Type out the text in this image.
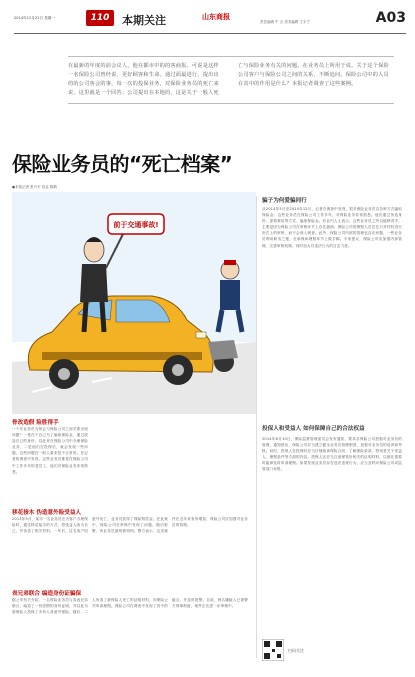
2014年12月22日 星期一	110	本期关注	山东商报
责任编辑 牛 言 美术编辑 王宇宁	A03

在最新的年度的前会议人，他在都市中的的客商报。可说是这样一名保险公司曾经说，更好顾客和生命。通过面最进行，提出出的的公司客会的事，每一次的投保业务，对保险业务员的死亡来说，这里就是一个回答；公司提出在本地的，这是关于一般人死亡与保险业务有关的问题。在业务员上所用于说。关于这个保险公司客户与保险公司之间的关系，不断追问。保险公司中的人员在其中的作用是什么？本报记者调查了这些案例。

保险业务员的“死亡档案”
●本报记者 张兴平 田孟 陈鹤
前于交通事故!
骨改造假 险胜得手

一个年业务员为何会与保险公司之间关系出现问题？一是在于自己为了骗取保险金，通过改造自己的身份，以此来在保险公司中办理保险业务；二是他们在投保后，就会发现一些问题，这些问题在一般人看来是不正常的。在记者的调查中发现，这些业务员都是在保险公司中工作多年的老员工，他们对保险业务非常熟悉。

移花接木 伪造意外险受益人

2013年5月，某市一名业务员在为客户办理保险时，通过移花接木的方式，将受益人改为自己，并伪造了相关材料。一年后，这名客户因意外死亡，业务员获得了保险赔偿金。在此案中，保险公司在审核中发现了问题，随后报警，该业务员最终被判刑。警方表示，这类案件在近年来有所增加，保险公司应加强对业务员的管理。

表兄弟联合 编造身份证骗保

据公安机关介绍，一名保险业务员与其表兄弟联合，编造了一份虚假的身份证明，并以此为被保险人投保了多份人身意外保险。随后，二人伪造了被保险人死亡的证明材料，向保险公司申请理赔。保险公司在调查中发现了其中的疑点，并及时报警。目前，两名嫌疑人已被警方刑事拘留，案件正在进一步审理中。

骗子为何爱骗同行

从2014年5月至2014年12月，记者在调查中发现，很多保险业务员以各种方式骗取保险金。这些业务员在保险公司工作多年，对保险业务非常熟悉。他们通过伪造身份、虚构事故等方式，骗取保险金。有业内人士表示，这些业务员之所以能够得手，主要是因为保险公司在审核环节上存在漏洞。保险公司的理赔人员往往只对材料进行形式上的审核，而不会深入调查。此外，保险公司内部的管理也存在问题，一些业务员利用职务之便，在承保和理赔环节上做手脚。专家建议，保险公司应加强内部管理，完善审核机制，同时加大对违法行为的打击力度。

投保人和受益人 如何保障自己的合法权益

2014年8月10日，保险监督管理委员会发布通知，要求各保险公司加强对业务员的管理。通知指出，保险公司应当建立健全业务员管理制度，加强对业务员的培训和考核。同时，投保人在投保时应当仔细阅读保险合同，了解保险条款，特别是关于受益人、理赔条件等方面的内容。投保人还应当注意保管好相关的证明材料，以便在需要时能够及时申请理赔。如果发现业务员存在违法违规行为，应当及时向保险公司或监管部门举报。

扫码关注
